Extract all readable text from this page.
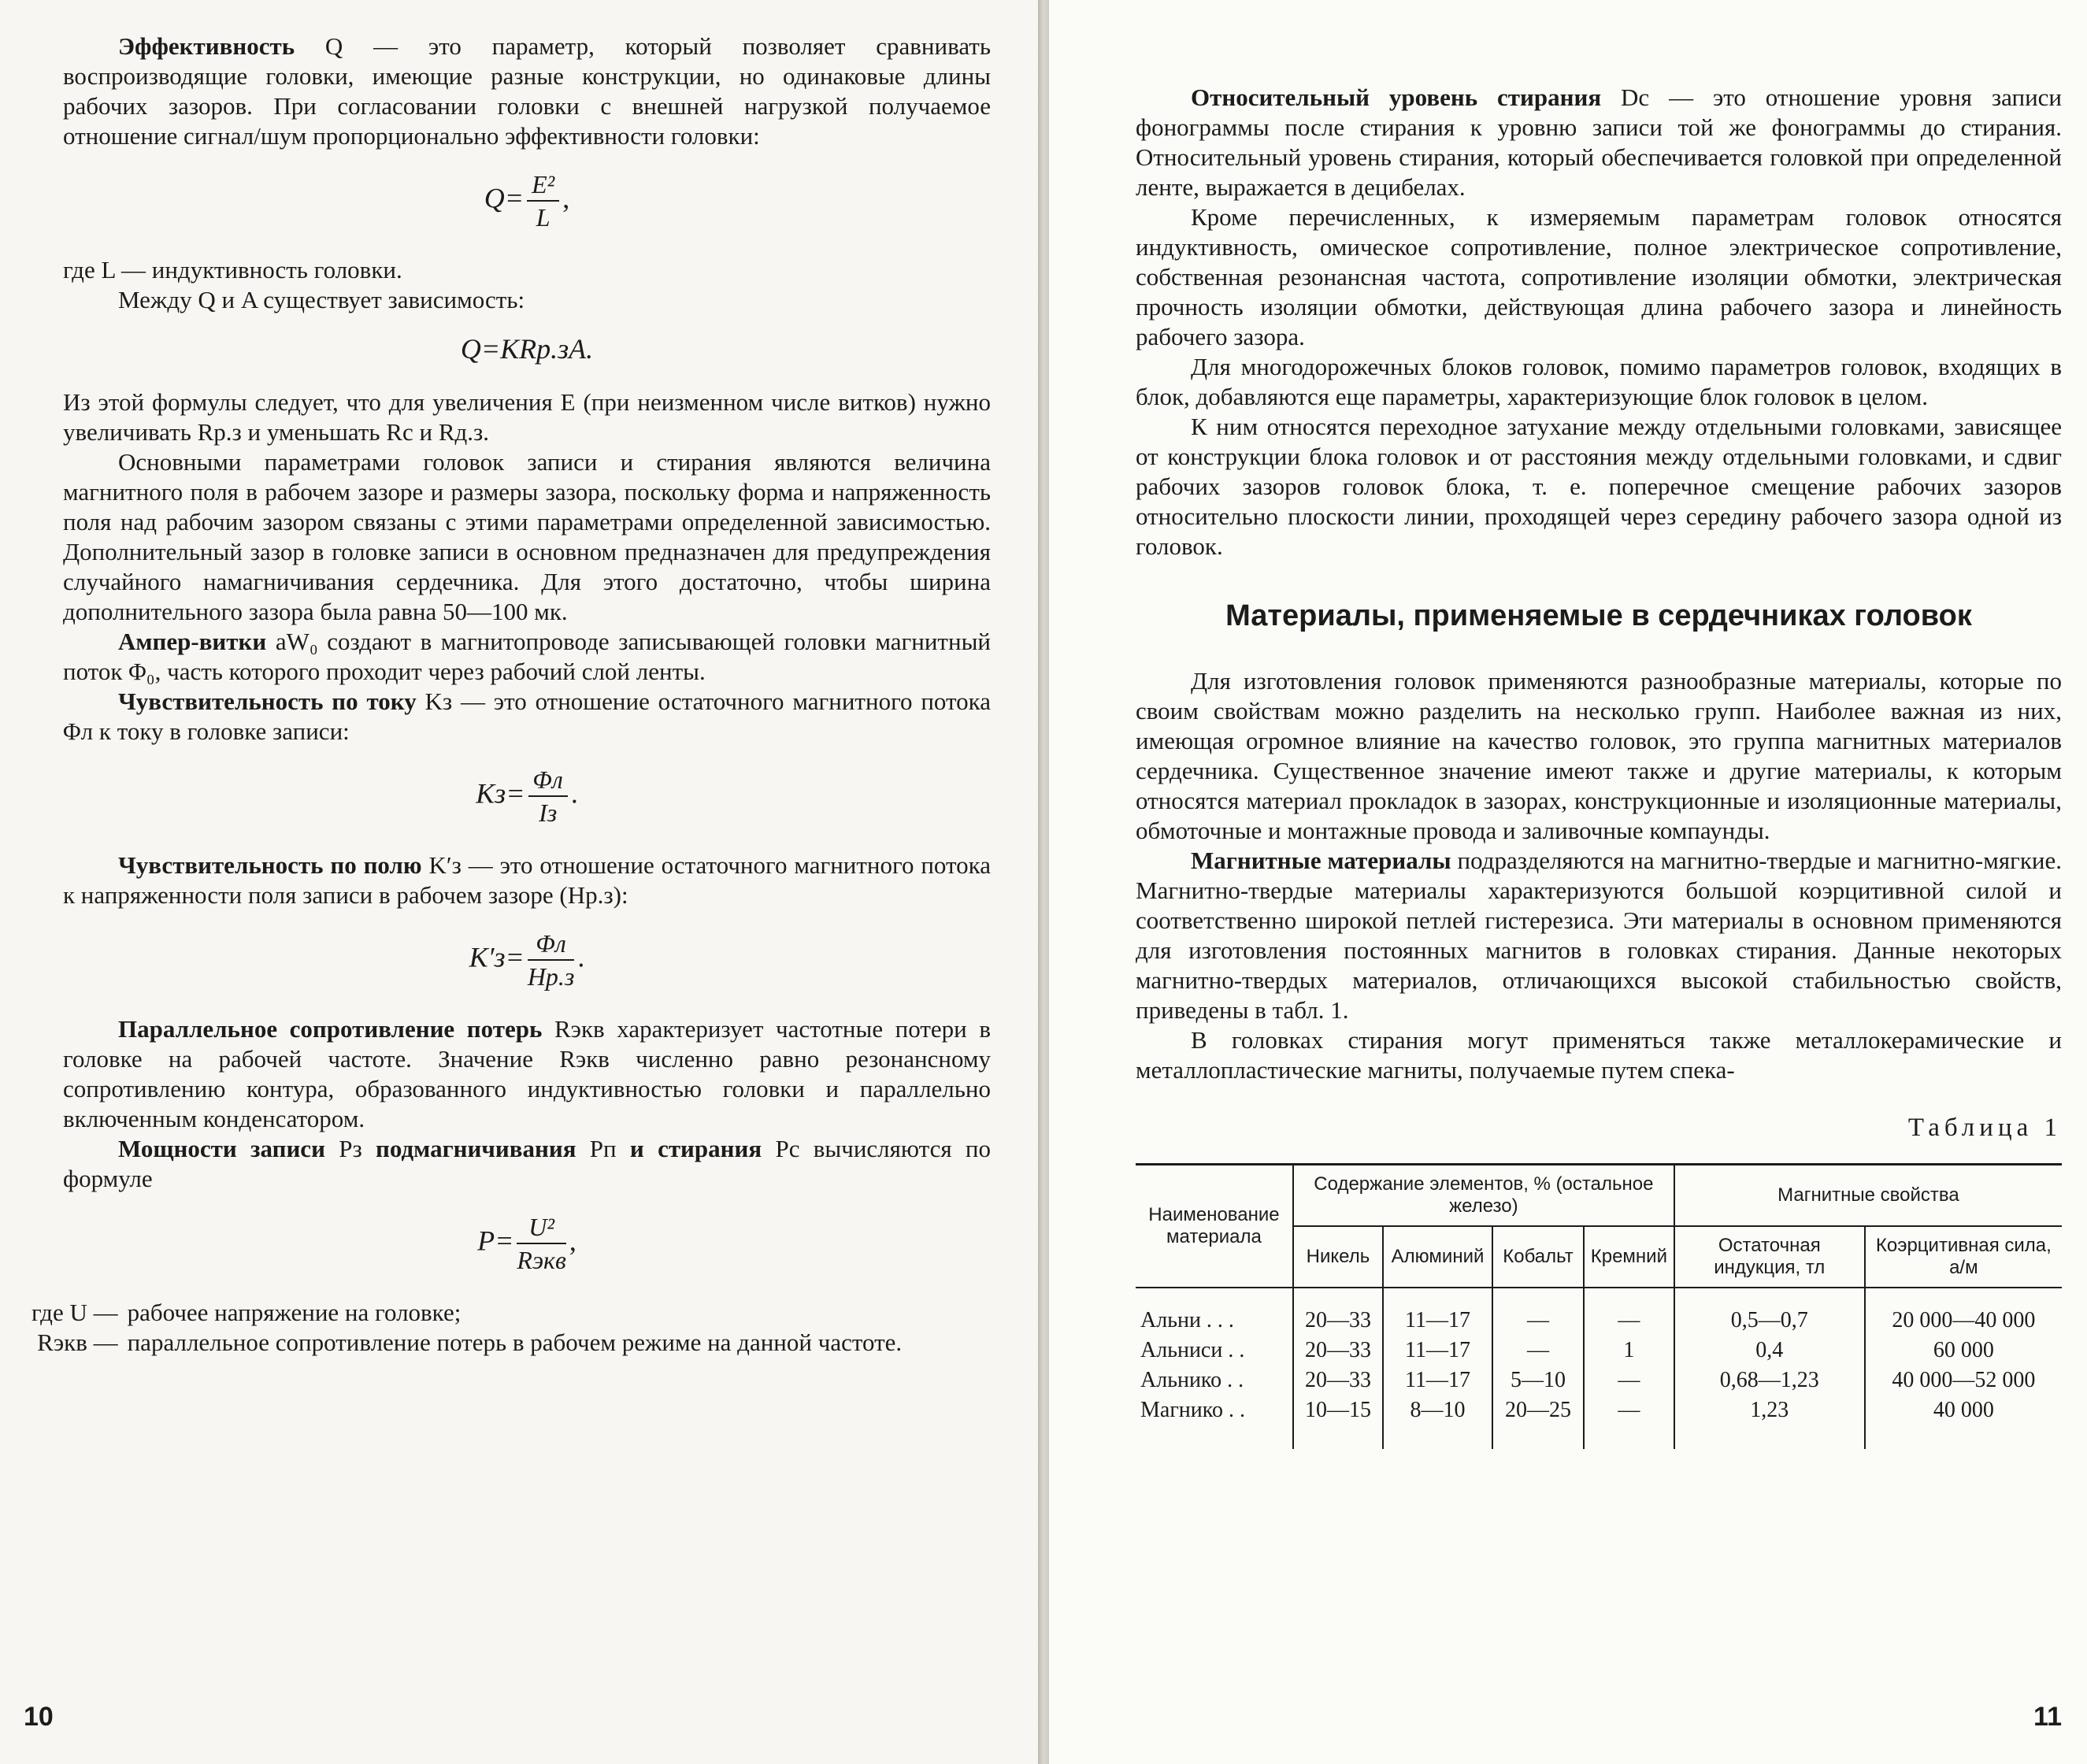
Эффективность Q — это параметр, который позволяет сравнивать воспроизводящие головки, имеющие разные конструкции, но одинаковые длины рабочих зазоров. При согласовании головки с внешней нагрузкой получаемое отношение сигнал/шум пропорционально эффективности головки:

$Q= \frac{\text{E²}}{L}$ ,

где L — индуктивность головки.

Между Q и A существует зависимость:

Q=KRр.зA.

Из этой формулы следует, что для увеличения E (при неизменном числе витков) нужно увеличивать Rр.з и уменьшать Rc и Rд.з.

Основными параметрами головок записи и стирания являются величина магнитного поля в рабочем зазоре и размеры зазора, поскольку форма и напряженность поля над рабочим зазором связаны с этими параметрами определенной зависимостью. Дополнительный зазор в головке записи в основном предназначен для предупреждения случайного намагничивания сердечника. Для этого достаточно, чтобы ширина дополнительного зазора была равна 50—100 мк.

Ампер-витки aW₀ создают в магнитопроводе записывающей головки магнитный поток Φ₀, часть которого проходит через рабочий слой ленты.

Чувствительность по току Kз — это отношение остаточного магнитного потока Φл к току в головке записи:

$Kз= \frac{\Phi л}{Iз}$ .

Чувствительность по полю K′з — это отношение остаточного магнитного потока к напряженности поля записи в рабочем зазоре (Hр.з):

$K'з= \frac{\Phi л}{Hр.з}$ .

Параллельное сопротивление потерь Rэкв характеризует частотные потери в головке на рабочей частоте. Значение Rэкв численно равно резонансному сопротивлению контура, образованного индуктивностью головки и параллельно включенным конденсатором.

Мощности записи Pз подмагничивания Pп и стирания Pc вычисляются по формуле

$P= \frac{\text{U²}}{\text{Rэкв}}$ ,
где U — рабочее напряжение на головке;
Rэкв — параллельное сопротивление потерь в рабочем режиме на данной частоте.
10

Относительный уровень стирания Dc — это отношение уровня записи фонограммы после стирания к уровню записи той же фонограммы до стирания. Относительный уровень стирания, который обеспечивается головкой при определенной ленте, выражается в децибелах.

Кроме перечисленных, к измеряемым параметрам головок относятся индуктивность, омическое сопротивление, полное электрическое сопротивление, собственная резонансная частота, сопротивление изоляции обмотки, электрическая прочность изоляции обмотки, действующая длина рабочего зазора и линейность рабочего зазора.

Для многодорожечных блоков головок, помимо параметров головок, входящих в блок, добавляются еще параметры, характеризующие блок головок в целом.

К ним относятся переходное затухание между отдельными головками, зависящее от конструкции блока головок и от расстояния между отдельными головками, и сдвиг рабочих зазоров головок блока, т. е. поперечное смещение рабочих зазоров относительно плоскости линии, проходящей через середину рабочего зазора одной из головок.

Материалы, применяемые в сердечниках головок

Для изготовления головок применяются разнообразные материалы, которые по своим свойствам можно разделить на несколько групп. Наиболее важная из них, имеющая огромное влияние на качество головок, это группа магнитных материалов сердечника. Существенное значение имеют также и другие материалы, к которым относятся материал прокладок в зазорах, конструкционные и изоляционные материалы, обмоточные и монтажные провода и заливочные компаунды.

Магнитные материалы подразделяются на магнитно-твердые и магнитно-мягкие. Магнитно-твердые материалы характеризуются большой коэрцитивной силой и соответственно широкой петлей гистерезиса. Эти материалы в основном применяются для изготовления постоянных магнитов в головках стирания. Данные некоторых магнитно-твердых материалов, отличающихся высокой стабильностью свойств, приведены в табл. 1.

В головках стирания могут применяться также металлокерамические и металлопластические магниты, получаемые путем спека-

Таблица 1
Наименование материала	Содержание элементов, % (остальное железо)				Магнитные свойства	
	Никель	Алюминий	Кобальт	Кремний	Остаточная индукция, тл	Коэрцитивная сила, а/м
Альни . . .	20—33	11—17	—	—	0,5—0,7	20 000—40 000
Альниси . .	20—33	11—17	—	1	0,4	60 000
Альнико . .	20—33	11—17	5—10	—	0,68—1,23	40 000—52 000
Магнико . .	10—15	8—10	20—25	—	1,23	40 000
11
